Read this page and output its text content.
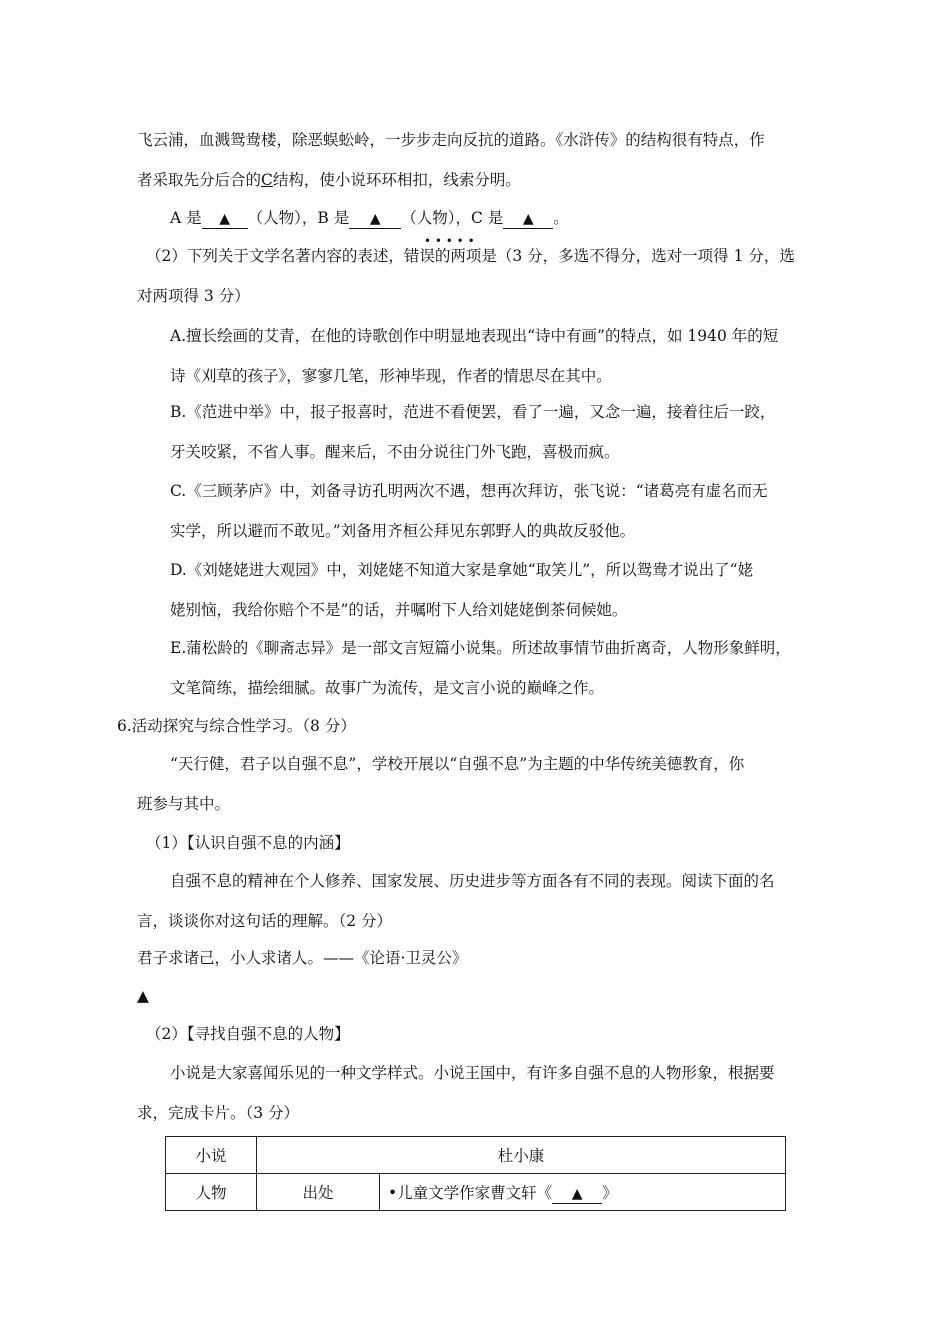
飞云浦，血溅鸳鸯楼，除恶蜈蚣岭，一步步走向反抗的道路。《水浒传》的结构很有特点，作
者采取先分后合的C结构，使小说环环相扣，线索分明。
A 是 ▲ （人物），B 是 ▲ （人物），C 是 ▲ 。
• • • • •
（2）下列关于文学名著内容的表述，错误的两项是（3 分，多选不得分，选对一项得 1 分，选
对两项得 3 分）
A.擅长绘画的艾青，在他的诗歌创作中明显地表现出“诗中有画”的特点，如 1940 年的短
诗《刈草的孩子》，寥寥几笔，形神毕现，作者的情思尽在其中。
B.《范进中举》中，报子报喜时，范进不看便罢，看了一遍，又念一遍，接着往后一跤，
牙关咬紧，不省人事。醒来后，不由分说往门外飞跑，喜极而疯。
C.《三顾茅庐》中，刘备寻访孔明两次不遇，想再次拜访，张飞说：“诸葛亮有虚名而无
实学，所以避而不敢见。”刘备用齐桓公拜见东郭野人的典故反驳他。
D.《刘姥姥进大观园》中，刘姥姥不知道大家是拿她“取笑儿”，所以鸳鸯才说出了“姥
姥别恼，我给你赔个不是”的话，并嘱咐下人给刘姥姥倒茶伺候她。
E.蒲松龄的《聊斋志异》是一部文言短篇小说集。所述故事情节曲折离奇，人物形象鲜明，
文笔简练，描绘细腻。故事广为流传，是文言小说的巅峰之作。
6.活动探究与综合性学习。（8 分）
“天行健，君子以自强不息”，学校开展以“自强不息”为主题的中华传统美德教育，你
班参与其中。
（1）【认识自强不息的内涵】
自强不息的精神在个人修养、国家发展、历史进步等方面各有不同的表现。阅读下面的名
言，谈谈你对这句话的理解。（2 分）
君子求诸己，小人求诸人。——《论语·卫灵公》
▲
（2）【寻找自强不息的人物】
小说是大家喜闻乐见的一种文学样式。小说王国中，有许多自强不息的人物形象，根据要
求，完成卡片。（3 分）
小说	杜小康	
人物	出处	•儿童文学作家曹文轩《 ▲ 》
